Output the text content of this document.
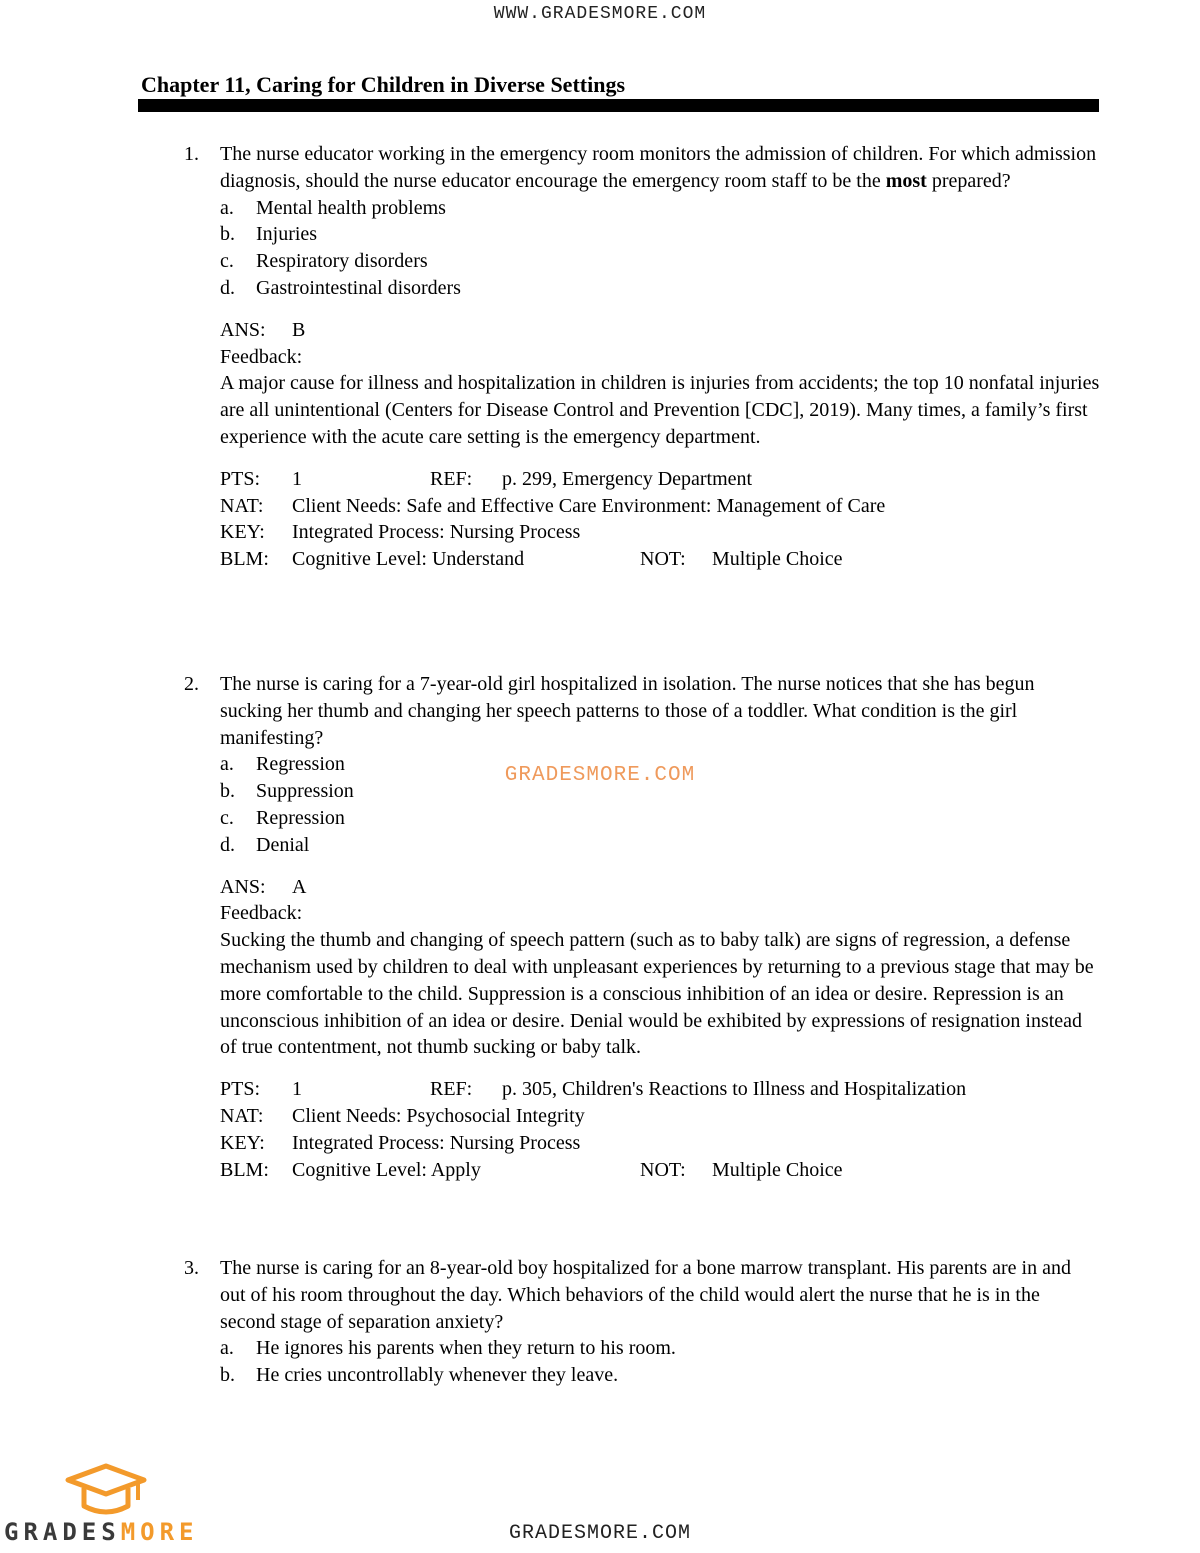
WWW.GRADESMORE.COM
Chapter 11, Caring for Children in Diverse Settings
1. The nurse educator working in the emergency room monitors the admission of children. For which admission diagnosis, should the nurse educator encourage the emergency room staff to be the most prepared?
a.	Mental health problems
b.	Injuries
c.	Respiratory disorders
d.	Gastrointestinal disorders
ANS:	B
Feedback:
A major cause for illness and hospitalization in children is injuries from accidents; the top 10 nonfatal injuries are all unintentional (Centers for Disease Control and Prevention [CDC], 2019). Many times, a family’s first experience with the acute care setting is the emergency department.
PTS:	1	REF:	p. 299, Emergency Department
NAT:	Client Needs: Safe and Effective Care Environment: Management of Care
KEY:	Integrated Process: Nursing Process
BLM:	Cognitive Level: Understand	NOT:	Multiple Choice
2. The nurse is caring for a 7-year-old girl hospitalized in isolation. The nurse notices that she has begun sucking her thumb and changing her speech patterns to those of a toddler. What condition is the girl manifesting?
a.	Regression
b.	Suppression
c.	Repression
d.	Denial
ANS:	A
Feedback:
Sucking the thumb and changing of speech pattern (such as to baby talk) are signs of regression, a defense mechanism used by children to deal with unpleasant experiences by returning to a previous stage that may be more comfortable to the child. Suppression is a conscious inhibition of an idea or desire. Repression is an unconscious inhibition of an idea or desire. Denial would be exhibited by expressions of resignation instead of true contentment, not thumb sucking or baby talk.
PTS:	1	REF:	p. 305, Children's Reactions to Illness and Hospitalization
NAT:	Client Needs: Psychosocial Integrity
KEY:	Integrated Process: Nursing Process
BLM:	Cognitive Level: Apply	NOT:	Multiple Choice
3. The nurse is caring for an 8-year-old boy hospitalized for a bone marrow transplant. His parents are in and out of his room throughout the day. Which behaviors of the child would alert the nurse that he is in the second stage of separation anxiety?
a.	He ignores his parents when they return to his room.
b.	He cries uncontrollably whenever they leave.
GRADESMORE.COM
GRADESMORE	GRADESMORE.COM
